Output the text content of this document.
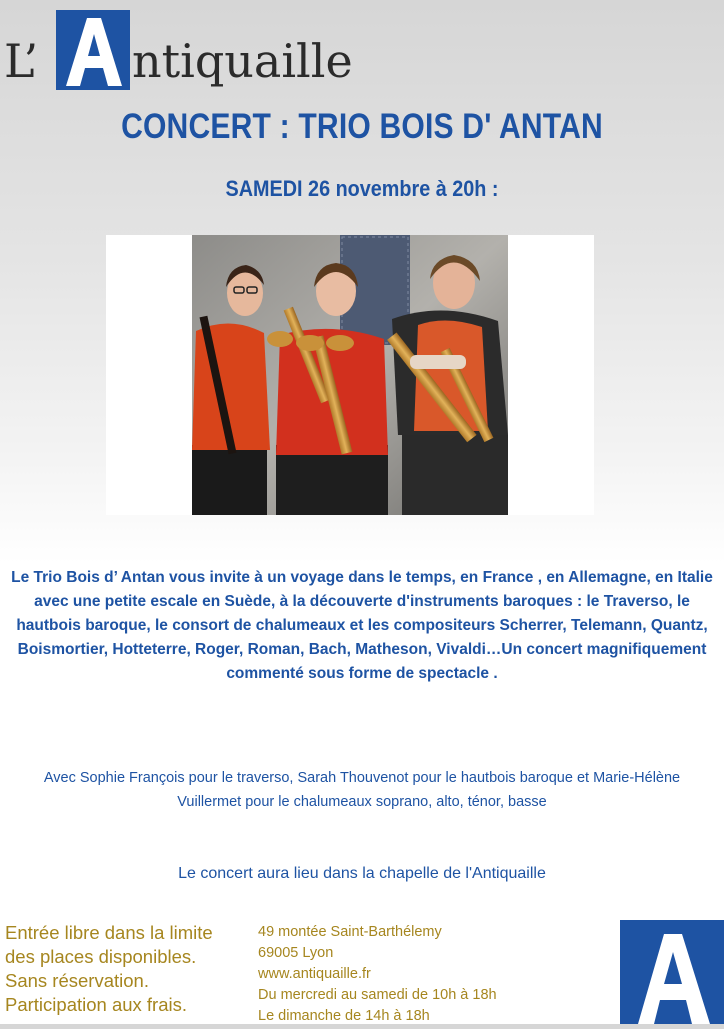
L’ ntiquaille
CONCERT : TRIO BOIS D' ANTAN
SAMEDI 26 novembre à 20h :
Le Trio Bois d’ Antan vous invite à un voyage dans le temps, en France , en Allemagne, en Italie avec une petite escale en Suède, à la découverte d'instruments baroques : le Traverso, le hautbois baroque, le consort de chalumeaux et les compositeurs Scherrer, Telemann, Quantz, Boismortier, Hotteterre, Roger, Roman, Bach, Matheson, Vivaldi…Un concert magnifiquement commenté sous forme de spectacle .
Avec Sophie François pour le traverso, Sarah Thouvenot pour le hautbois baroque et Marie-Hélène Vuillermet pour le chalumeaux soprano, alto, ténor, basse
Le concert aura lieu dans la chapelle de l'Antiquaille
Entrée libre dans la limite
des places disponibles.
Sans réservation.
Participation aux frais.
49 montée Saint-Barthélemy
69005 Lyon
www.antiquaille.fr
Du mercredi au samedi de 10h à 18h
Le dimanche de 14h à 18h
